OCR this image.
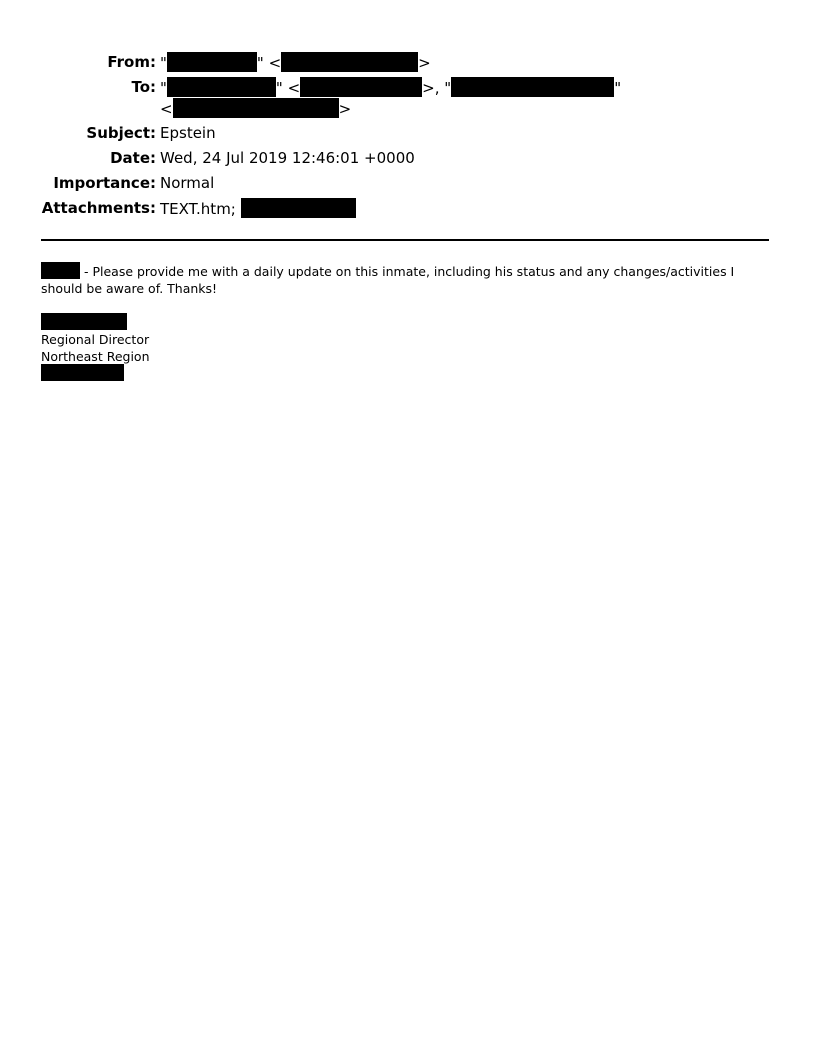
From: "	" <	>
To: "	" <	>, "	"
<	>
Subject: Epstein
Date: Wed, 24 Jul 2019 12:46:01 +0000
Importance: Normal
Attachments: TEXT.htm;
- Please provide me with a daily update on this inmate, including his status and any changes/activities I should be aware of. Thanks!
Regional Director
Northeast Region
